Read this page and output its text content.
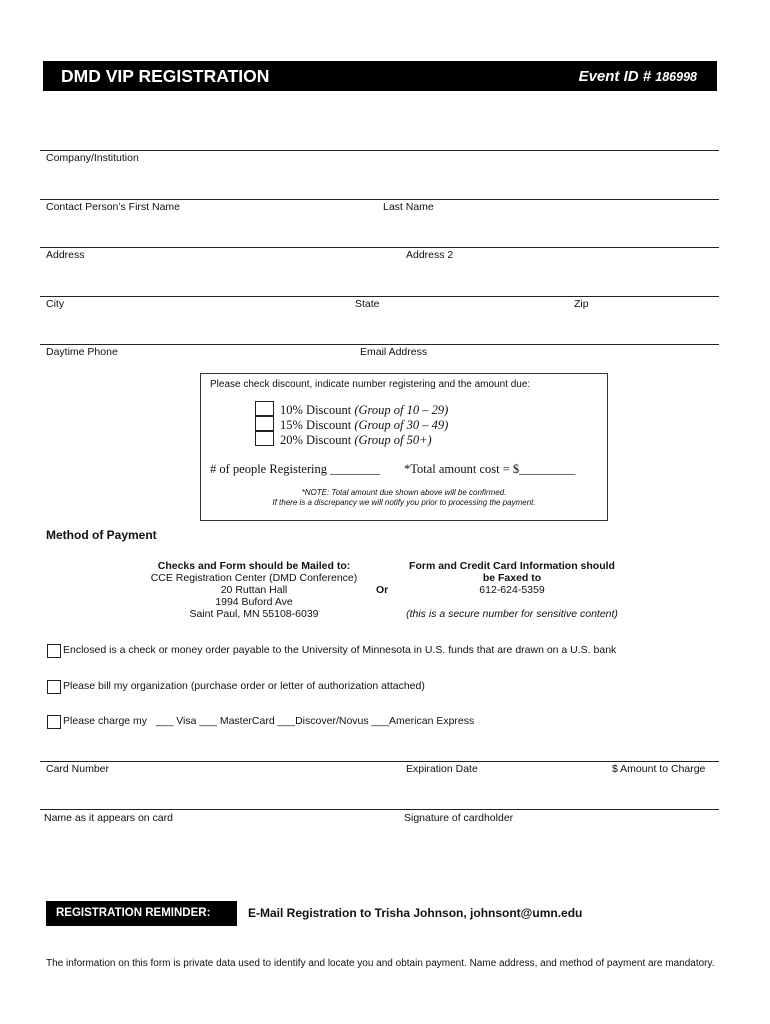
DMD VIP REGISTRATION	Event ID # 186998
Company/Institution
Contact Person’s First Name	Last Name
Address	Address 2
City	State	Zip
Daytime Phone	Email Address
Please check discount, indicate number registering and the amount due:
10% Discount (Group of 10 – 29)
15% Discount (Group of 30 – 49)
20% Discount (Group of 50+)
# of people Registering ________ *Total amount cost = $_________
*NOTE: Total amount due shown above will be confirmed.
If there is a discrepancy we will notify you prior to processing the payment.
Method of Payment
Checks and Form should be Mailed to:
CCE Registration Center (DMD Conference)
20 Ruttan Hall
1994 Buford Ave
Saint Paul, MN 55108-6039
Or
Form and Credit Card Information should
be Faxed to
612-624-5359
(this is a secure number for sensitive content)
Enclosed is a check or money order payable to the University of Minnesota in U.S. funds that are drawn on a U.S. bank
Please bill my organization (purchase order or letter of authorization attached)
Please charge my   ___ Visa ___ MasterCard ___Discover/Novus ___American Express
Card Number	Expiration Date	$ Amount to Charge
Name as it appears on card	Signature of cardholder
REGISTRATION REMINDER:	E-Mail Registration to Trisha Johnson, johnsont@umn.edu
The information on this form is private data used to identify and locate you and obtain payment. Name address, and method of payment are mandatory.
